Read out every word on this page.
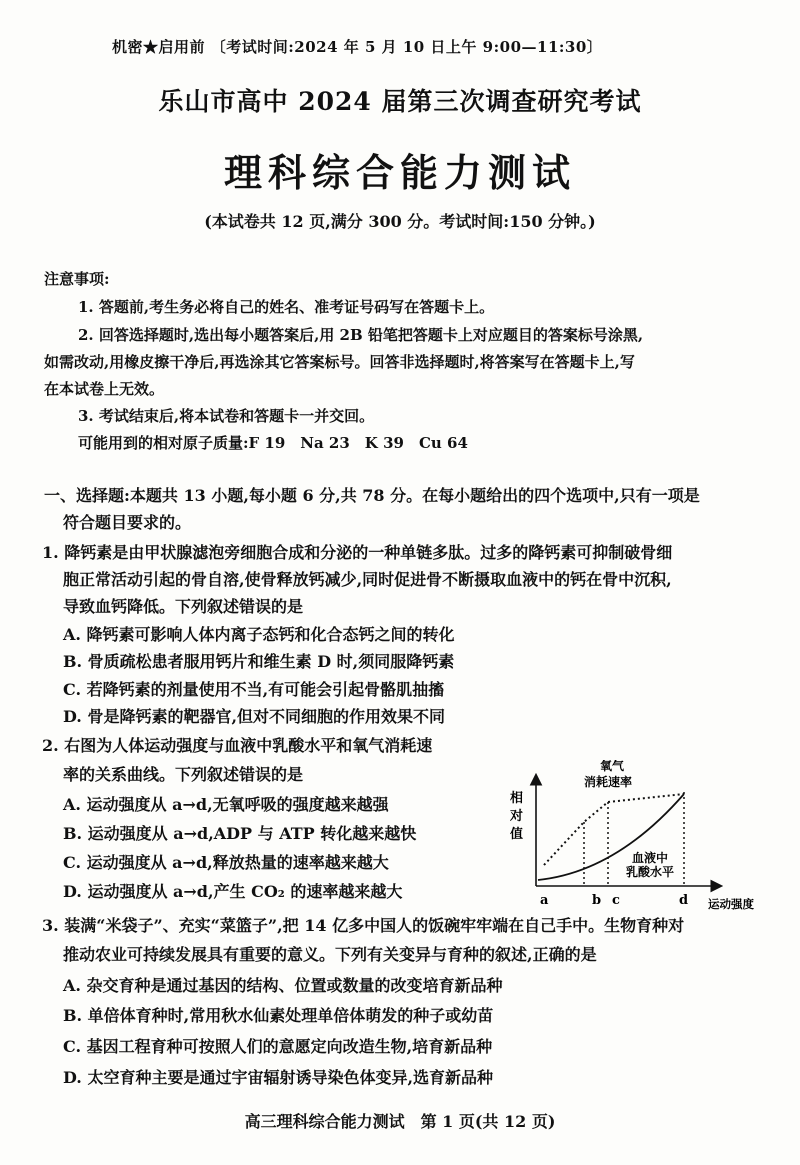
机密★启用前 〔考试时间:2024 年 5 月 10 日上午 9:00—11:30〕
乐山市高中 2024 届第三次调查研究考试
理科综合能力测试
(本试卷共 12 页,满分 300 分。考试时间:150 分钟。)
注意事项:
1. 答题前,考生务必将自己的姓名、准考证号码写在答题卡上。
2. 回答选择题时,选出每小题答案后,用 2B 铅笔把答题卡上对应题目的答案标号涂黑,
如需改动,用橡皮擦干净后,再选涂其它答案标号。回答非选择题时,将答案写在答题卡上,写
在本试卷上无效。
3. 考试结束后,将本试卷和答题卡一并交回。
可能用到的相对原子质量:F 19　Na 23　K 39　Cu 64
一、选择题:本题共 13 小题,每小题 6 分,共 78 分。在每小题给出的四个选项中,只有一项是
符合题目要求的。
1. 降钙素是由甲状腺滤泡旁细胞合成和分泌的一种单链多肽。过多的降钙素可抑制破骨细
胞正常活动引起的骨自溶,使骨释放钙减少,同时促进骨不断摄取血液中的钙在骨中沉积,
导致血钙降低。下列叙述错误的是
A. 降钙素可影响人体内离子态钙和化合态钙之间的转化
B. 骨质疏松患者服用钙片和维生素 D 时,须同服降钙素
C. 若降钙素的剂量使用不当,有可能会引起骨骼肌抽搐
D. 骨是降钙素的靶器官,但对不同细胞的作用效果不同
2. 右图为人体运动强度与血液中乳酸水平和氧气消耗速
率的关系曲线。下列叙述错误的是
A. 运动强度从 a→d,无氧呼吸的强度越来越强
B. 运动强度从 a→d,ADP 与 ATP 转化越来越快
C. 运动强度从 a→d,释放热量的速率越来越大
D. 运动强度从 a→d,产生 CO₂ 的速率越来越大
氧气
消耗速率
相
对
值
血液中
乳酸水平
a	b c	d 运动强度
3. 装满“米袋子”、充实“菜篮子”,把 14 亿多中国人的饭碗牢牢端在自己手中。生物育种对
推动农业可持续发展具有重要的意义。下列有关变异与育种的叙述,正确的是
A. 杂交育种是通过基因的结构、位置或数量的改变培育新品种
B. 单倍体育种时,常用秋水仙素处理单倍体萌发的种子或幼苗
C. 基因工程育种可按照人们的意愿定向改造生物,培育新品种
D. 太空育种主要是通过宇宙辐射诱导染色体变异,选育新品种
高三理科综合能力测试　第 1 页(共 12 页)
